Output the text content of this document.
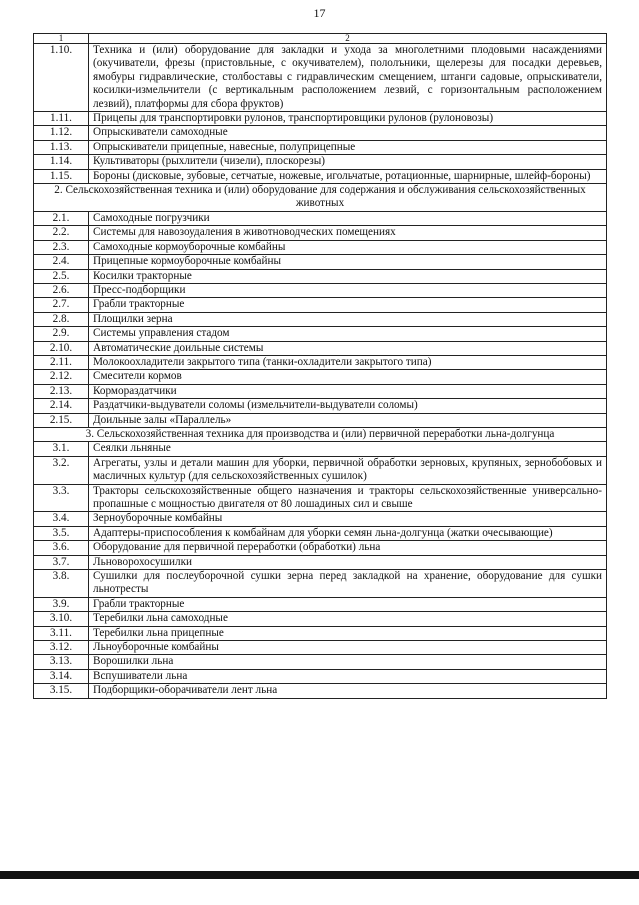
17
1	2
1.10.	Техника и (или) оборудование для закладки и ухода за многолетними плодовыми насаждениями (окучиватели, фрезы (пристовльные, с окучивателем), пололъники, щелерезы для посадки деревьев, ямобуры гидравлические, столбоставы с гидравлическим смещением, штанги садовые, опрыскиватели, косилки-измельчители (с вертикальным расположением лезвий, с горизонтальным расположением лезвий), платформы для сбора фруктов)
1.11.	Прицепы для транспортировки рулонов, транспортировщики рулонов (рулоновозы)
1.12.	Опрыскиватели самоходные
1.13.	Опрыскиватели прицепные, навесные, полуприцепные
1.14.	Культиваторы (рыхлители (чизели), плоскорезы)
1.15.	Бороны (дисковые, зубовые, сетчатые, ножевые, игольчатые, ротационные, шарнирные, шлейф-бороны)
2. Сельскохозяйственная техника и (или) оборудование для содержания и обслуживания сельскохозяйственных животных	
2.1.	Самоходные погрузчики
2.2.	Системы для навозоудаления в животноводческих помещениях
2.3.	Самоходные кормоуборочные комбайны
2.4.	Прицепные кормоуборочные комбайны
2.5.	Косилки тракторные
2.6.	Пресс-подборщики
2.7.	Грабли тракторные
2.8.	Площилки зерна
2.9.	Системы управления стадом
2.10.	Автоматические доильные системы
2.11.	Молокоохладители закрытого типа (танки-охладители закрытого типа)
2.12.	Смесители кормов
2.13.	Кормораздатчики
2.14.	Раздатчики-выдуватели соломы (измельчители-выдуватели соломы)
2.15.	Доильные залы «Параллель»
3. Сельскохозяйственная техника для производства и (или) первичной переработки льна-долгунца	
3.1.	Сеялки льняные
3.2.	Агрегаты, узлы и детали машин для уборки, первичной обработки зерновых, крупяных, зернобобовых и масличных культур (для сельскохозяйственных сушилок)
3.3.	Тракторы сельскохозяйственные общего назначения и тракторы сельскохозяйственные универсально-пропашные с мощностью двигателя от 80 лошадиных сил и свыше
3.4.	Зерноуборочные комбайны
3.5.	Адаптеры-приспособления к комбайнам для уборки семян льна-долгунца (жатки очесывающие)
3.6.	Оборудование для первичной переработки (обработки) льна
3.7.	Льноворохосушилки
3.8.	Сушилки для послеуборочной сушки зерна перед закладкой на хранение, оборудование для сушки льнотресты
3.9.	Грабли тракторные
3.10.	Теребилки льна самоходные
3.11.	Теребилки льна прицепные
3.12.	Льноуборочные комбайны
3.13.	Ворошилки льна
3.14.	Вспушиватели льна
3.15.	Подборщики-оборачиватели лент льна
